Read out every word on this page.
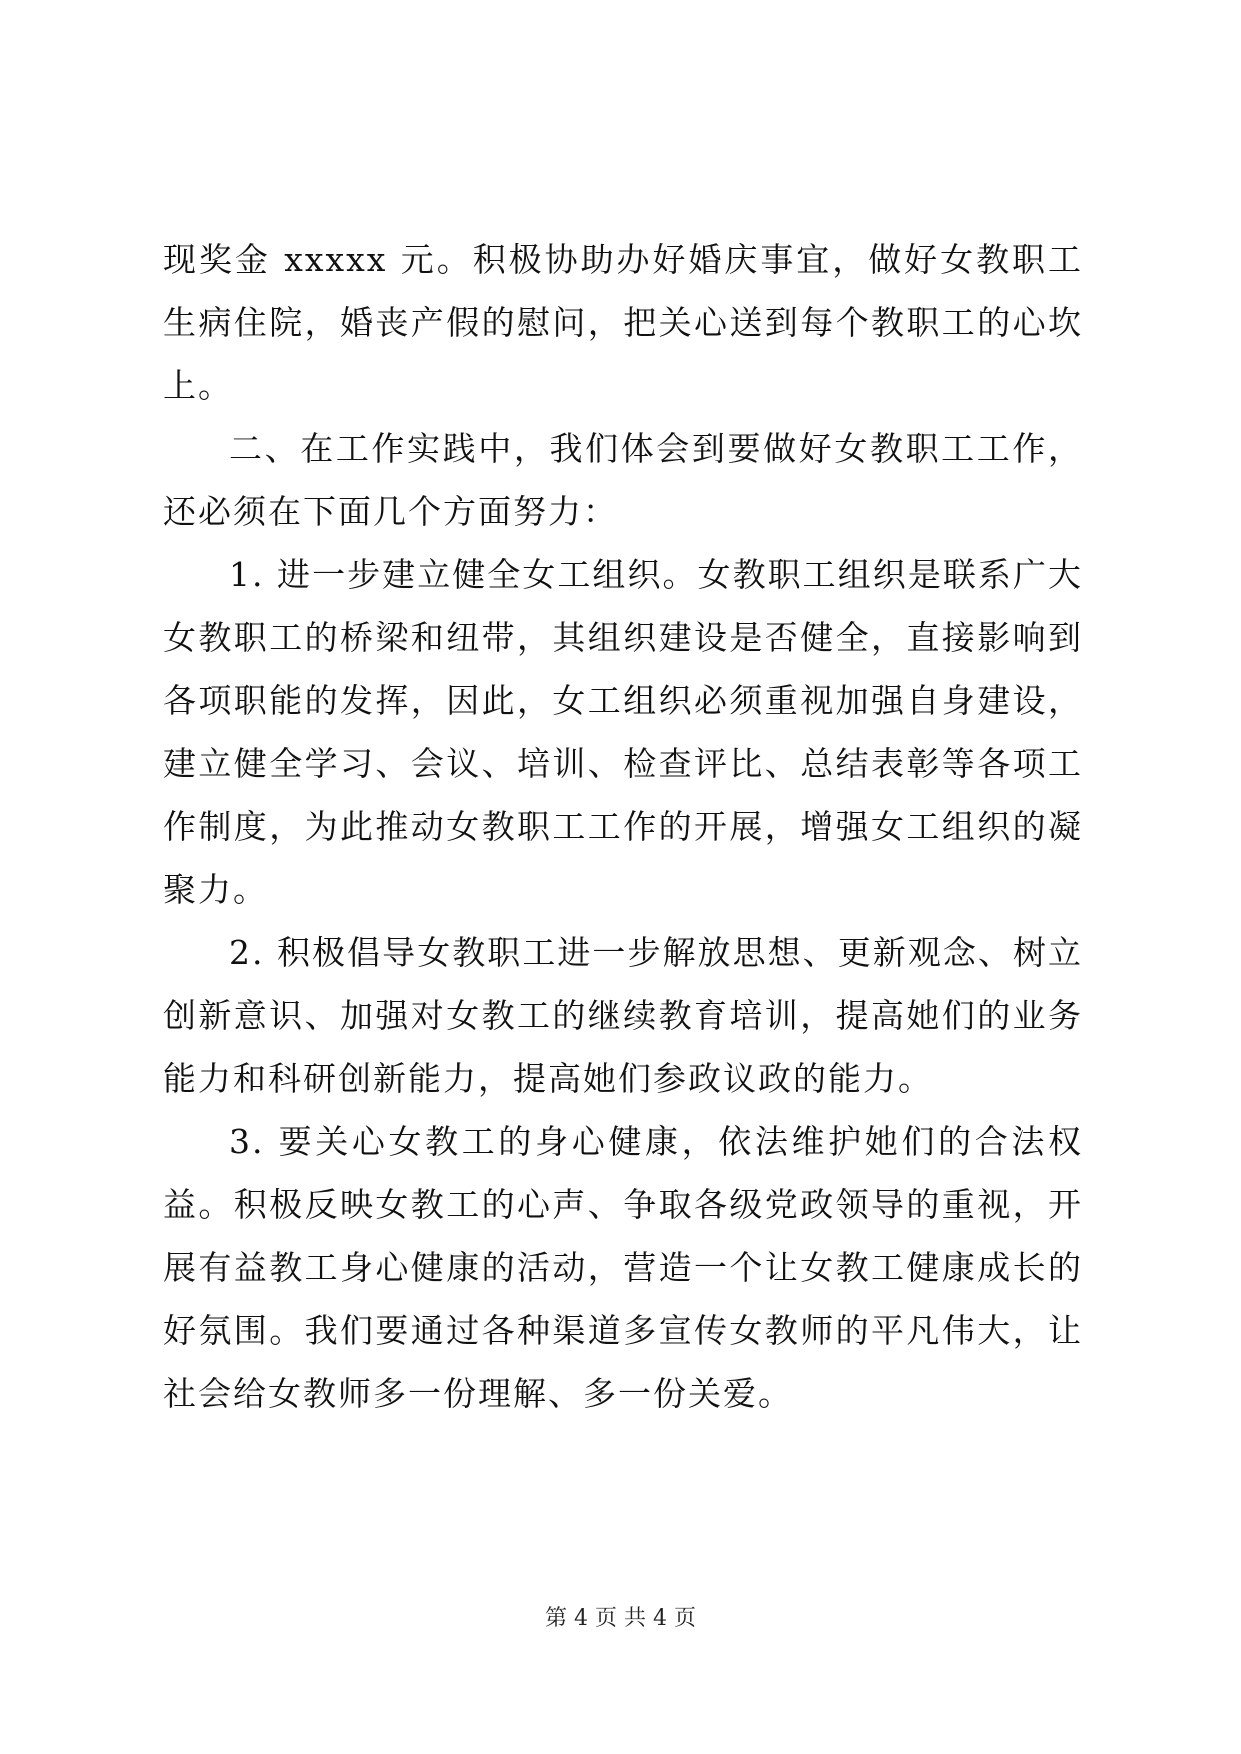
现奖金 xxxxx 元。积极协助办好婚庆事宜，做好女教职工生病住院，婚丧产假的慰问，把关心送到每个教职工的心坎上。

二、在工作实践中，我们体会到要做好女教职工工作，还必须在下面几个方面努力：

1. 进一步建立健全女工组织。女教职工组织是联系广大女教职工的桥梁和纽带，其组织建设是否健全，直接影响到各项职能的发挥，因此，女工组织必须重视加强自身建设，建立健全学习、会议、培训、检查评比、总结表彰等各项工作制度，为此推动女教职工工作的开展，增强女工组织的凝聚力。

2. 积极倡导女教职工进一步解放思想、更新观念、树立创新意识、加强对女教工的继续教育培训，提高她们的业务能力和科研创新能力，提高她们参政议政的能力。

3. 要关心女教工的身心健康，依法维护她们的合法权益。积极反映女教工的心声、争取各级党政领导的重视，开展有益教工身心健康的活动，营造一个让女教工健康成长的好氛围。我们要通过各种渠道多宣传女教师的平凡伟大，让社会给女教师多一份理解、多一份关爱。

第 4 页 共 4 页
